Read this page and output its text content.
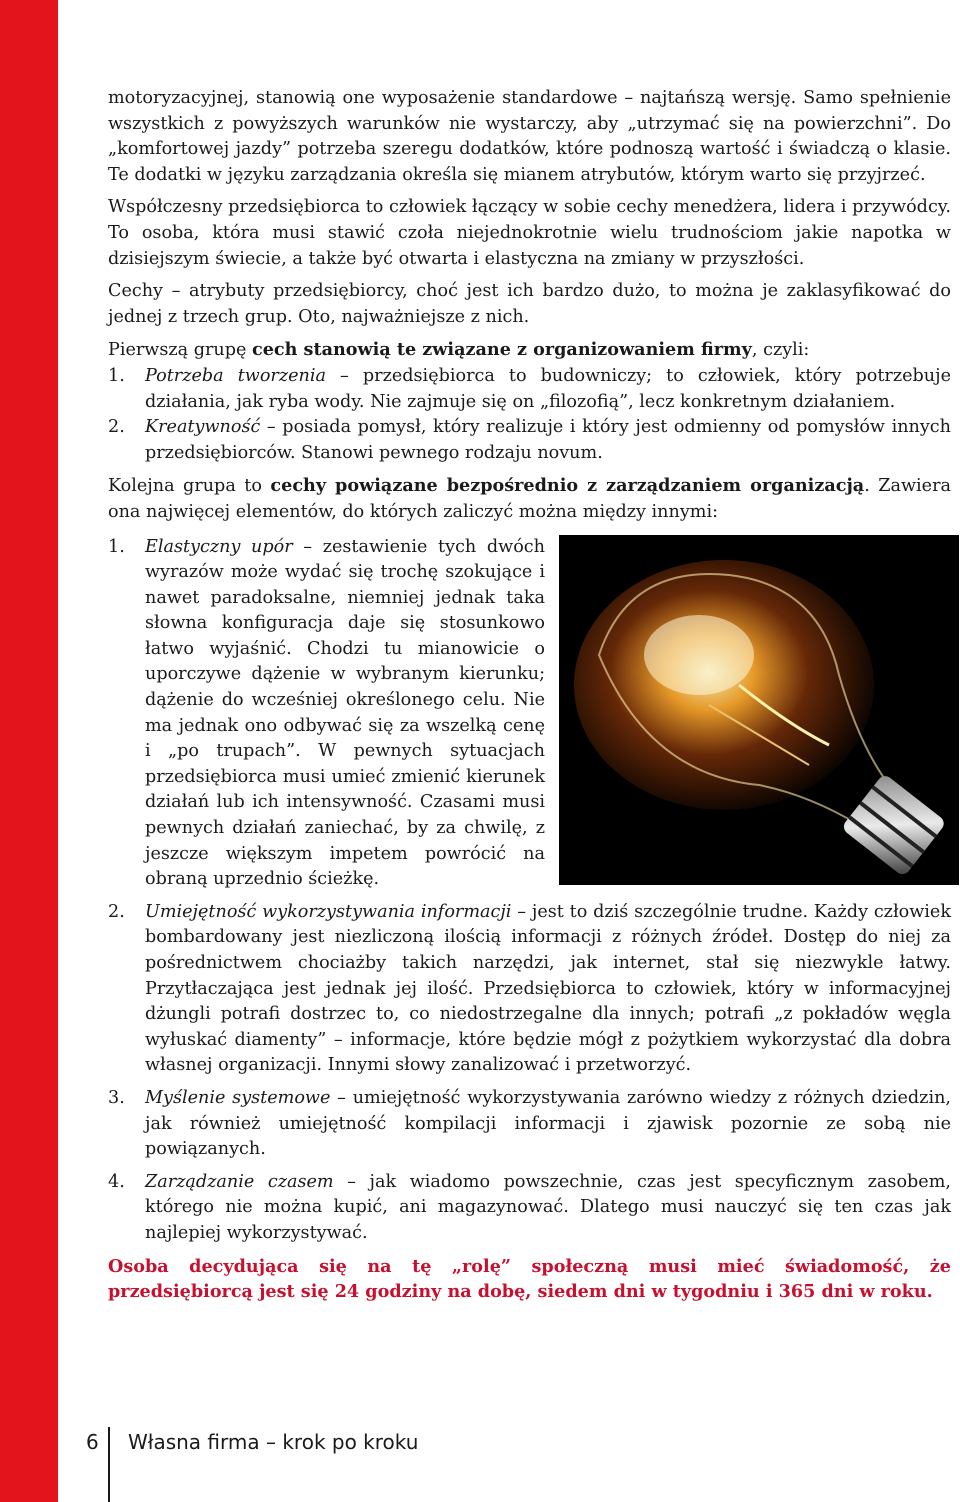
motoryzacyjnej, stanowią one wyposażenie standardowe – najtańszą wersję. Samo spełnienie wszystkich z powyższych warunków nie wystarczy, aby „utrzymać się na powierzchni”. Do „komfortowej jazdy” potrzeba szeregu dodatków, które podnoszą wartość i świadczą o klasie. Te dodatki w języku zarządzania określa się mianem atrybutów, którym warto się przyjrzeć.

Współczesny przedsiębiorca to człowiek łączący w sobie cechy menedżera, lidera i przywódcy. To osoba, która musi stawić czoła niejednokrotnie wielu trudnościom jakie napotka w dzisiejszym świecie, a także być otwarta i elastyczna na zmiany w przyszłości.

Cechy – atrybuty przedsiębiorcy, choć jest ich bardzo dużo, to można je zaklasyfikować do jednej z trzech grup. Oto, najważniejsze z nich.

Pierwszą grupę cech stanowią te związane z organizowaniem firmy, czyli:

1.	Potrzeba tworzenia – przedsiębiorca to budowniczy; to człowiek, który potrzebuje działania, jak ryba wody. Nie zajmuje się on „filozofią”, lecz konkretnym działaniem.
2.	Kreatywność – posiada pomysł, który realizuje i który jest odmienny od pomysłów innych przedsiębiorców. Stanowi pewnego rodzaju novum.

Kolejna grupa to cechy powiązane bezpośrednio z zarządzaniem organizacją. Zawiera ona najwięcej elementów, do których zaliczyć można między innymi:

1.	Elastyczny upór – zestawienie tych dwóch wyrazów może wydać się trochę szokujące i nawet paradoksalne, niemniej jednak taka słowna konfiguracja daje się stosunkowo łatwo wyjaśnić. Chodzi tu mianowicie o uporczywe dążenie w wybranym kierunku; dążenie do wcześniej określonego celu. Nie ma jednak ono odbywać się za wszelką cenę i „po trupach”. W pewnych sytuacjach przedsiębiorca musi umieć zmienić kierunek działań lub ich intensywność. Czasami musi pewnych działań zaniechać, by za chwilę, z jeszcze większym impetem powrócić na obraną uprzednio ścieżkę.
2.	Umiejętność wykorzystywania informacji – jest to dziś szczególnie trudne. Każdy człowiek bombardowany jest niezliczoną ilością informacji z różnych źródeł. Dostęp do niej za pośrednictwem chociażby takich narzędzi, jak internet, stał się niezwykle łatwy. Przytłaczająca jest jednak jej ilość. Przedsiębiorca to człowiek, który w informacyjnej dżungli potrafi dostrzec to, co niedostrzegalne dla innych; potrafi „z pokładów węgla wyłuskać diamenty” – informacje, które będzie mógł z pożytkiem wykorzystać dla dobra własnej organizacji. Innymi słowy zanalizować i przetworzyć.
3.	Myślenie systemowe – umiejętność wykorzystywania zarówno wiedzy z różnych dziedzin, jak również umiejętność kompilacji informacji i zjawisk pozornie ze sobą nie powiązanych.
4.	Zarządzanie czasem – jak wiadomo powszechnie, czas jest specyficznym zasobem, którego nie można kupić, ani magazynować. Dlatego musi nauczyć się ten czas jak najlepiej wykorzystywać.

Osoba decydująca się na tę „rolę” społeczną musi mieć świadomość, że przedsiębiorcą jest się 24 godziny na dobę, siedem dni w tygodniu i 365 dni w roku.

6	Własna firma – krok po kroku
